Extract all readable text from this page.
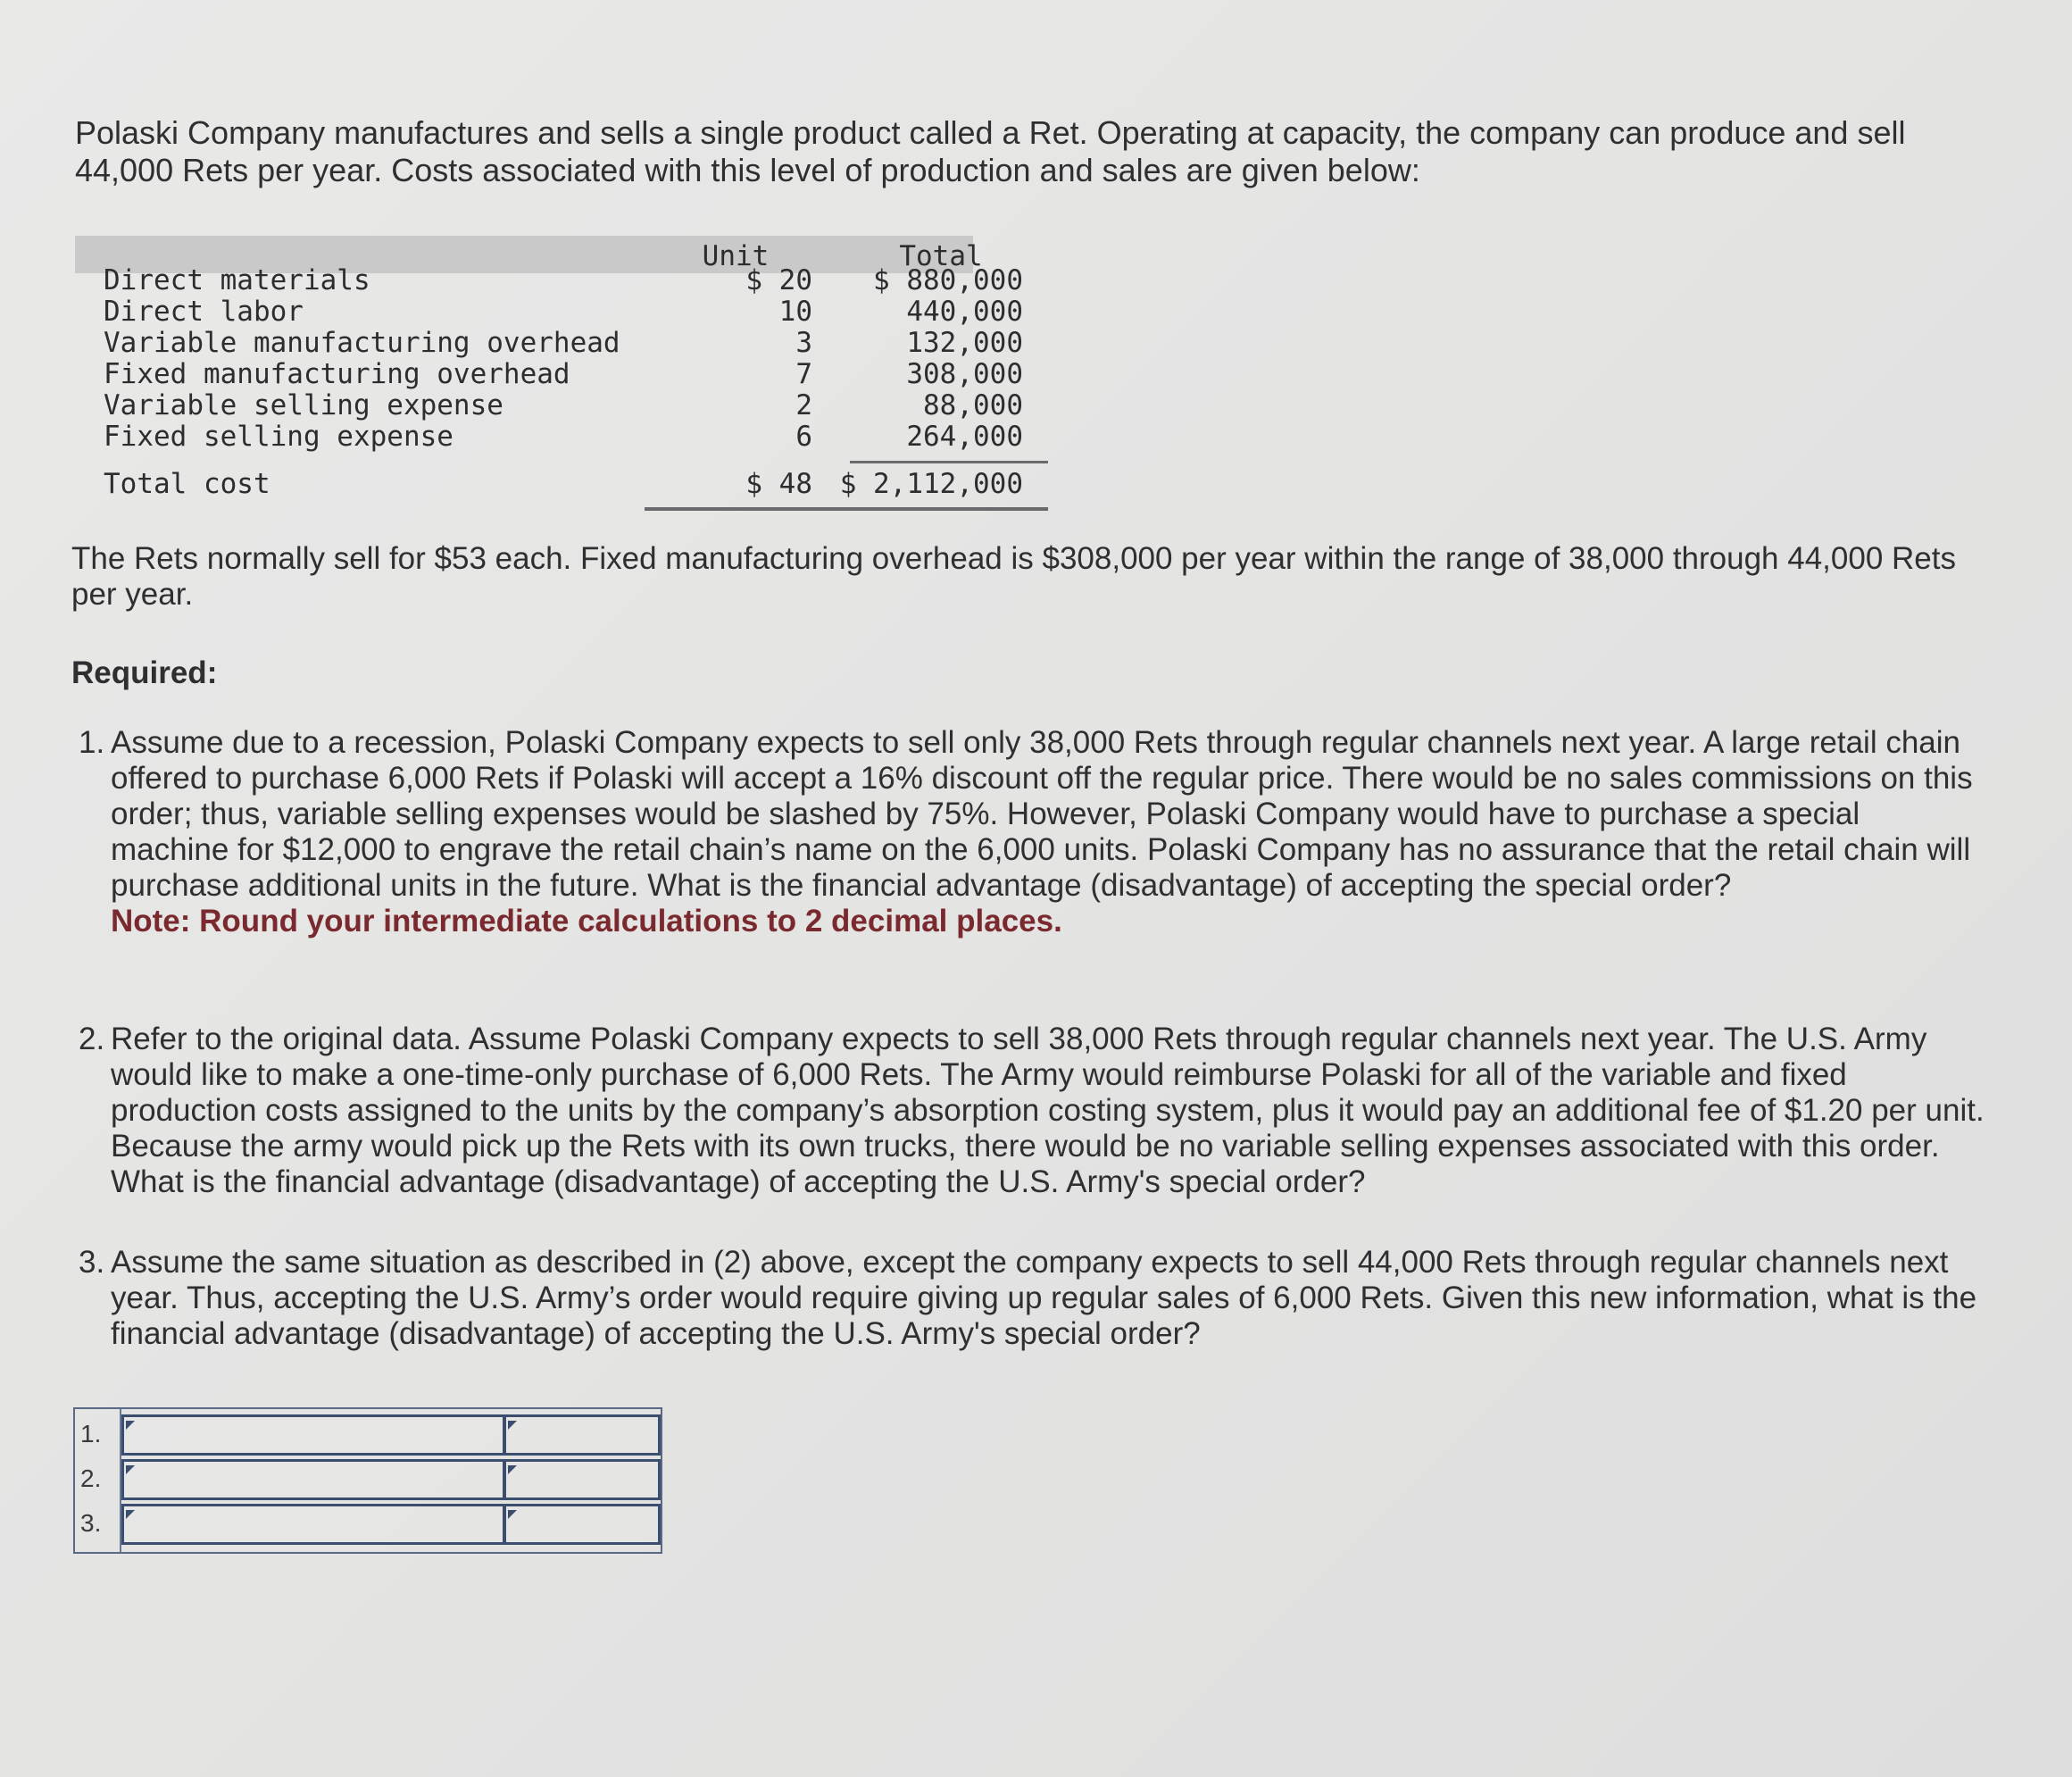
Polaski Company manufactures and sells a single product called a Ret. Operating at capacity, the company can produce and sell 44,000 Rets per year. Costs associated with this level of production and sales are given below:

Unit	Total
Direct materials	$ 20	$ 880,000
Direct labor	10	440,000
Variable manufacturing overhead	3	132,000
Fixed manufacturing overhead	7	308,000
Variable selling expense	2	88,000
Fixed selling expense	6	264,000
Total cost	$ 48 $ 2,112,000

The Rets normally sell for $53 each. Fixed manufacturing overhead is $308,000 per year within the range of 38,000 through 44,000 Rets per year.

Required:

1. Assume due to a recession, Polaski Company expects to sell only 38,000 Rets through regular channels next year. A large retail chain offered to purchase 6,000 Rets if Polaski will accept a 16% discount off the regular price. There would be no sales commissions on this order; thus, variable selling expenses would be slashed by 75%. However, Polaski Company would have to purchase a special machine for $12,000 to engrave the retail chain’s name on the 6,000 units. Polaski Company has no assurance that the retail chain will purchase additional units in the future. What is the financial advantage (disadvantage) of accepting the special order?
Note: Round your intermediate calculations to 2 decimal places.
2. Refer to the original data. Assume Polaski Company expects to sell 38,000 Rets through regular channels next year. The U.S. Army would like to make a one-time-only purchase of 6,000 Rets. The Army would reimburse Polaski for all of the variable and fixed production costs assigned to the units by the company’s absorption costing system, plus it would pay an additional fee of $1.20 per unit. Because the army would pick up the Rets with its own trucks, there would be no variable selling expenses associated with this order. What is the financial advantage (disadvantage) of accepting the U.S. Army's special order?
3. Assume the same situation as described in (2) above, except the company expects to sell 44,000 Rets through regular channels next year. Thus, accepting the U.S. Army’s order would require giving up regular sales of 6,000 Rets. Given this new information, what is the financial advantage (disadvantage) of accepting the U.S. Army's special order?
1.
2.
3.
